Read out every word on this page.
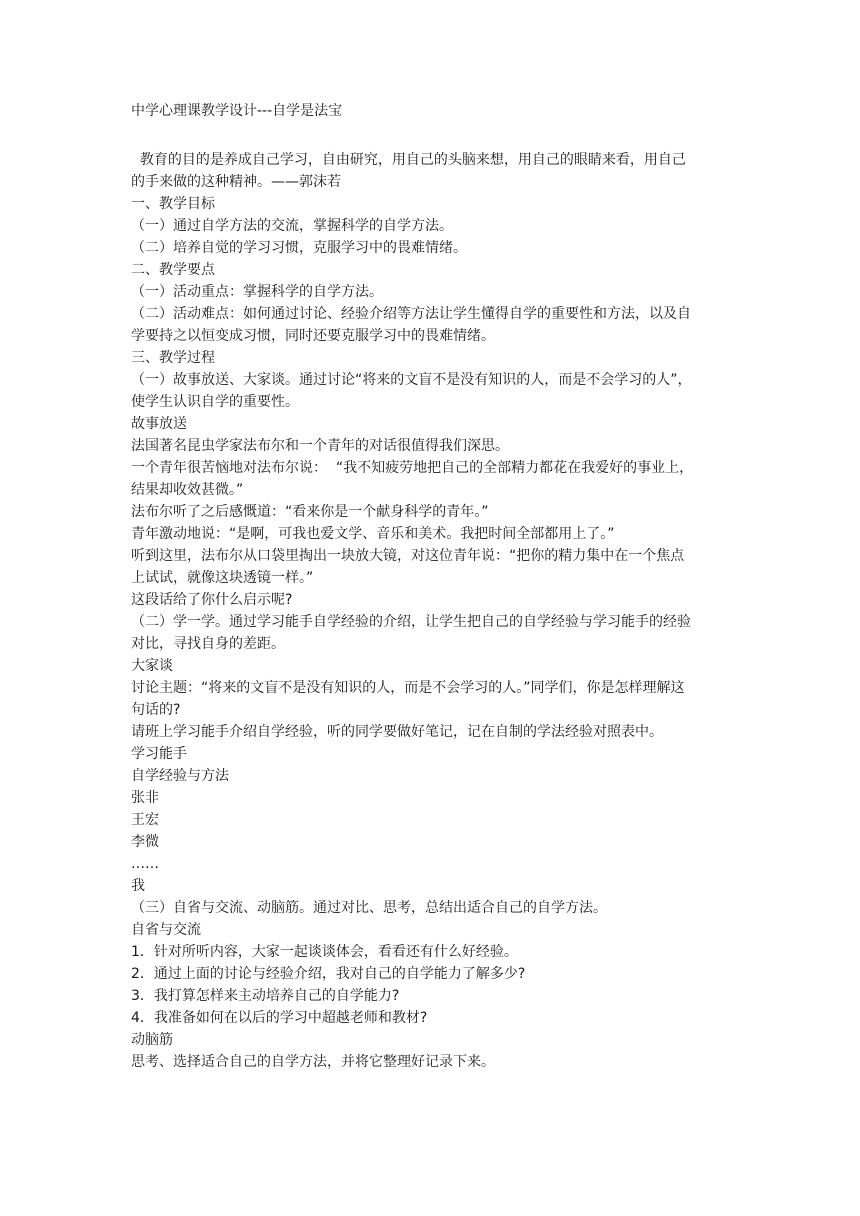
中学心理课教学设计---自学是法宝

教育的目的是养成自己学习，自由研究，用自己的头脑来想，用自己的眼睛来看，用自己

的手来做的这种精神。——郭沫若

一、教学目标

（一）通过自学方法的交流，掌握科学的自学方法。

（二）培养自觉的学习习惯，克服学习中的畏难情绪。

二、教学要点

（一）活动重点：掌握科学的自学方法。

（二）活动难点：如何通过讨论、经验介绍等方法让学生懂得自学的重要性和方法，以及自

学要持之以恒变成习惯，同时还要克服学习中的畏难情绪。

三、教学过程

（一）故事放送、大家谈。通过讨论“将来的文盲不是没有知识的人，而是不会学习的人”，

使学生认识自学的重要性。

故事放送

法国著名昆虫学家法布尔和一个青年的对话很值得我们深思。

一个青年很苦恼地对法布尔说：  “我不知疲劳地把自己的全部精力都花在我爱好的事业上，

结果却收效甚微。”

法布尔听了之后感慨道：“看来你是一个献身科学的青年。”

青年激动地说：“是啊，可我也爱文学、音乐和美术。我把时间全部都用上了。”

听到这里，法布尔从口袋里掏出一块放大镜，对这位青年说：“把你的精力集中在一个焦点

上试试，就像这块透镜一样。”

这段话给了你什么启示呢?

（二）学一学。通过学习能手自学经验的介绍，让学生把自己的自学经验与学习能手的经验

对比，寻找自身的差距。

大家谈

讨论主题：“将来的文盲不是没有知识的人，而是不会学习的人。”同学们，你是怎样理解这

句话的?

请班上学习能手介绍自学经验，听的同学要做好笔记，记在自制的学法经验对照表中。

学习能手

自学经验与方法

张非

王宏

李微

……

我

（三）自省与交流、动脑筋。通过对比、思考，总结出适合自己的自学方法。

自省与交流

1．针对所听内容，大家一起谈谈体会，看看还有什么好经验。

2．通过上面的讨论与经验介绍，我对自己的自学能力了解多少?

3．我打算怎样来主动培养自己的自学能力?

4．我准备如何在以后的学习中超越老师和教材?

动脑筋

思考、选择适合自己的自学方法，并将它整理好记录下来。
